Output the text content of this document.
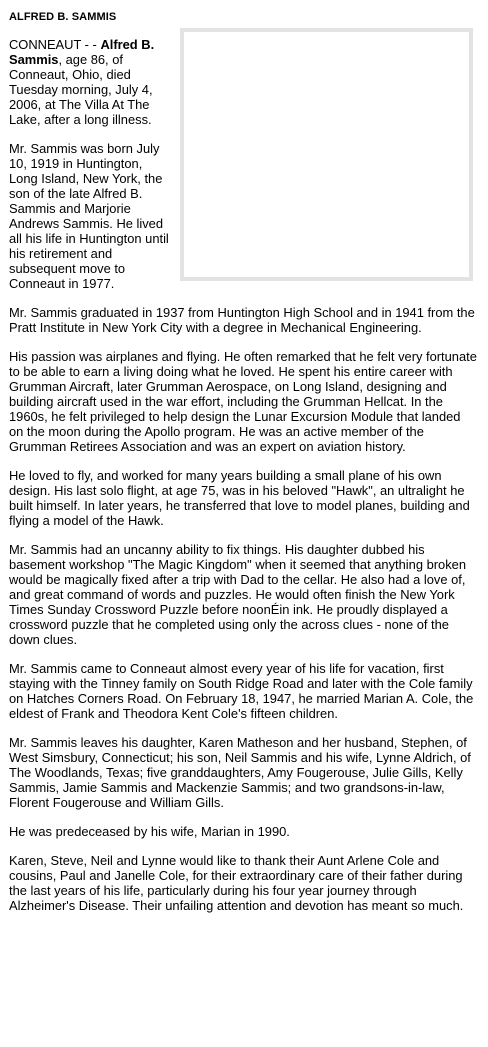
ALFRED B. SAMMIS

CONNEAUT - - Alfred B. Sammis, age 86, of Conneaut, Ohio, died Tuesday morning, July 4, 2006, at The Villa At The Lake, after a long illness.

Mr. Sammis was born July 10, 1919 in Huntington, Long Island, New York, the son of the late Alfred B. Sammis and Marjorie Andrews Sammis. He lived all his life in Huntington until his retirement and subsequent move to Conneaut in 1977.

Mr. Sammis graduated in 1937 from Huntington High School and in 1941 from the Pratt Institute in New York City with a degree in Mechanical Engineering.

His passion was airplanes and flying. He often remarked that he felt very fortunate to be able to earn a living doing what he loved. He spent his entire career with Grumman Aircraft, later Grumman Aerospace, on Long Island, designing and building aircraft used in the war effort, including the Grumman Hellcat. In the 1960s, he felt privileged to help design the Lunar Excursion Module that landed on the moon during the Apollo program. He was an active member of the Grumman Retirees Association and was an expert on aviation history.

He loved to fly, and worked for many years building a small plane of his own design. His last solo flight, at age 75, was in his beloved "Hawk", an ultralight he built himself. In later years, he transferred that love to model planes, building and flying a model of the Hawk.

Mr. Sammis had an uncanny ability to fix things. His daughter dubbed his basement workshop "The Magic Kingdom" when it seemed that anything broken would be magically fixed after a trip with Dad to the cellar. He also had a love of, and great command of words and puzzles. He would often finish the New York Times Sunday Crossword Puzzle before noonÉin ink. He proudly displayed a crossword puzzle that he completed using only the across clues - none of the down clues.

Mr. Sammis came to Conneaut almost every year of his life for vacation, first staying with the Tinney family on South Ridge Road and later with the Cole family on Hatches Corners Road. On February 18, 1947, he married Marian A. Cole, the eldest of Frank and Theodora Kent Cole's fifteen children.

Mr. Sammis leaves his daughter, Karen Matheson and her husband, Stephen, of West Simsbury, Connecticut; his son, Neil Sammis and his wife, Lynne Aldrich, of The Woodlands, Texas; five granddaughters, Amy Fougerouse, Julie Gills, Kelly Sammis, Jamie Sammis and Mackenzie Sammis; and two grandsons-in-law, Florent Fougerouse and William Gills.

He was predeceased by his wife, Marian in 1990.

Karen, Steve, Neil and Lynne would like to thank their Aunt Arlene Cole and cousins, Paul and Janelle Cole, for their extraordinary care of their father during the last years of his life, particularly during his four year journey through Alzheimer's Disease. Their unfailing attention and devotion has meant so much.
